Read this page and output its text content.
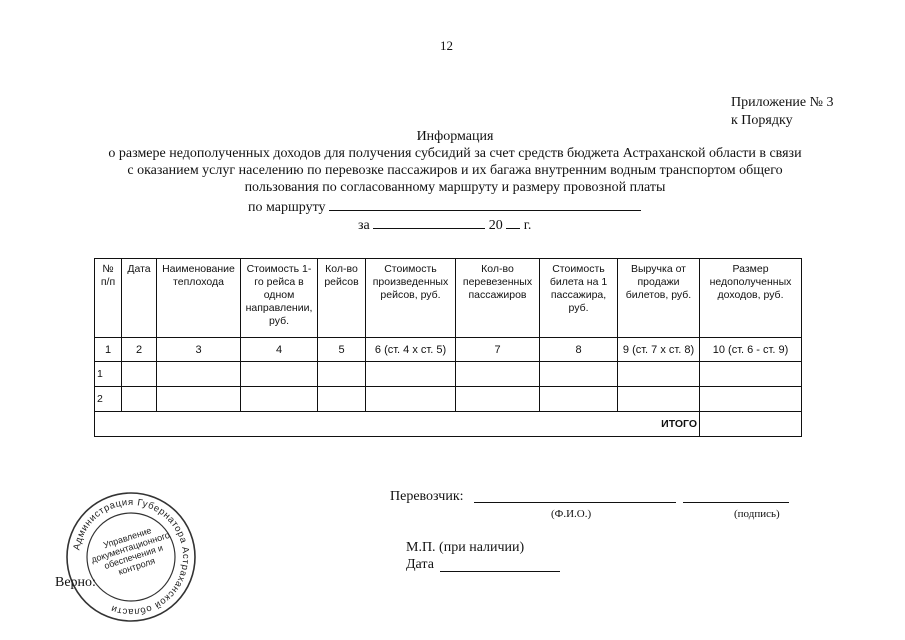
12
Приложение № 3
к Порядку
Информация
о размере недополученных доходов для получения субсидий за счет средств бюджета Астраханской области в связи
с оказанием услуг населению по перевозке пассажиров и их багажа внутренним водным транспортом общего
пользования по согласованному маршруту и размеру провозной платы
по маршруту
за	20 г.
№ п/п	Дата	Наименование теплохода	Стоимость 1-го рейса в одном направлении, руб.	Кол-во рейсов	Стоимость произведенных рейсов, руб.	Кол-во перевезенных пассажиров	Стоимость билета на 1 пассажира, руб.	Выручка от продажи билетов, руб.	Размер недополученных доходов, руб.
1	2	3	4	5	6 (ст. 4 х ст. 5)	7	8	9 (ст. 7 х ст. 8)	10 (ст. 6 - ст. 9)
1									
2									
ИТОГО									
Перевозчик:
(Ф.И.О.)	(подпись)
М.П. (при наличии)
Дата
Администрация Губернатора Астраханской области
Управление документационного обеспечения и контроля
Верно:
